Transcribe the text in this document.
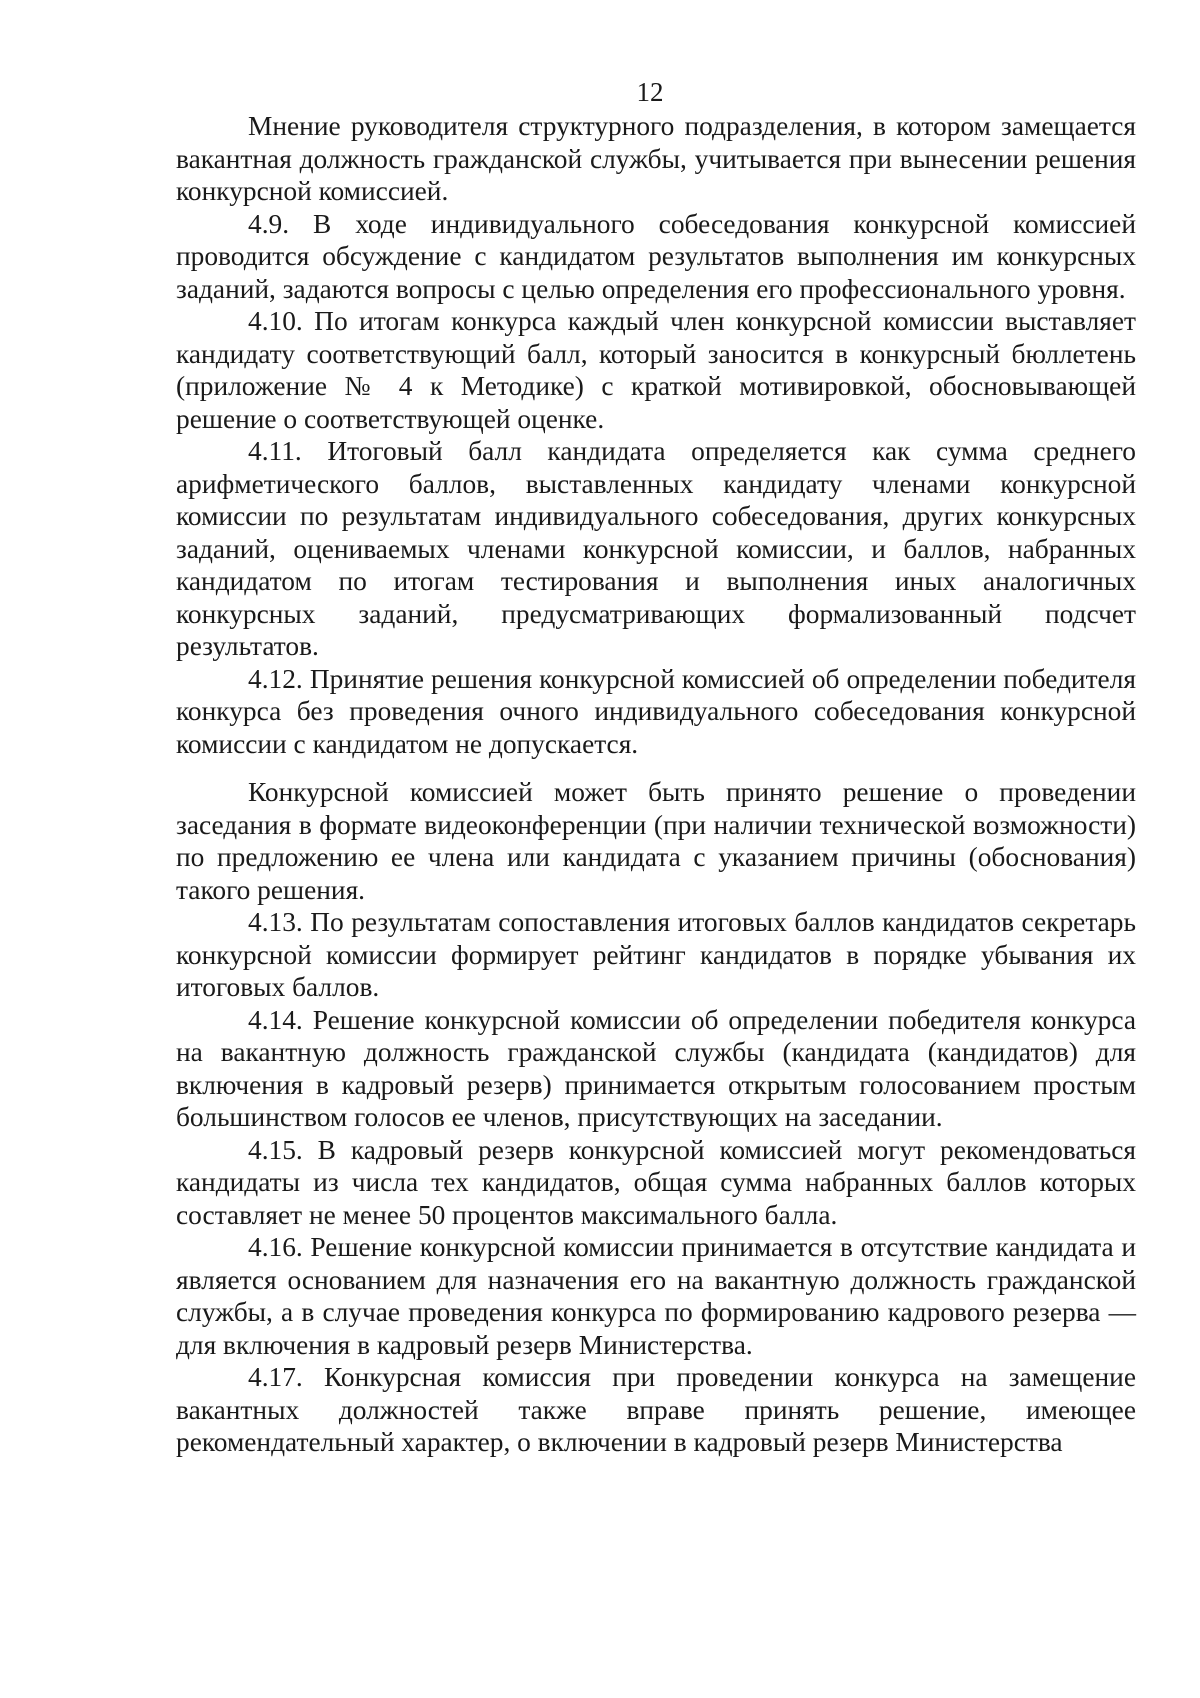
12

Мнение руководителя структурного подразделения, в котором замещается вакантная должность гражданской службы, учитывается при вынесении решения конкурсной комиссией.

4.9. В ходе индивидуального собеседования конкурсной комиссией проводится обсуждение с кандидатом результатов выполнения им конкурсных заданий, задаются вопросы с целью определения его профессионального уровня.

4.10. По итогам конкурса каждый член конкурсной комиссии выставляет кандидату соответствующий балл, который заносится в конкурсный бюллетень (приложение № 4 к Методике) с краткой мотивировкой, обосновывающей решение о соответствующей оценке.

4.11. Итоговый балл кандидата определяется как сумма среднего арифметического баллов, выставленных кандидату членами конкурсной комиссии по результатам индивидуального собеседования, других конкурсных заданий, оцениваемых членами конкурсной комиссии, и баллов, набранных кандидатом по итогам тестирования и выполнения иных аналогичных конкурсных заданий, предусматривающих формализованный подсчет результатов.

4.12. Принятие решения конкурсной комиссией об определении победителя конкурса без проведения очного индивидуального собеседования конкурсной комиссии с кандидатом не допускается.

Конкурсной комиссией может быть принято решение о проведении заседания в формате видеоконференции (при наличии технической возможности) по предложению ее члена или кандидата с указанием причины (обоснования) такого решения.

4.13. По результатам сопоставления итоговых баллов кандидатов секретарь конкурсной комиссии формирует рейтинг кандидатов в порядке убывания их итоговых баллов.

4.14. Решение конкурсной комиссии об определении победителя конкурса на вакантную должность гражданской службы (кандидата (кандидатов) для включения в кадровый резерв) принимается открытым голосованием простым большинством голосов ее членов, присутствующих на заседании.

4.15. В кадровый резерв конкурсной комиссией могут рекомендоваться кандидаты из числа тех кандидатов, общая сумма набранных баллов которых составляет не менее 50 процентов максимального балла.

4.16. Решение конкурсной комиссии принимается в отсутствие кандидата и является основанием для назначения его на вакантную должность гражданской службы, а в случае проведения конкурса по формированию кадрового резерва — для включения в кадровый резерв Министерства.

4.17. Конкурсная комиссия при проведении конкурса на замещение вакантных должностей также вправе принять решение, имеющее рекомендательный характер, о включении в кадровый резерв Министерства
